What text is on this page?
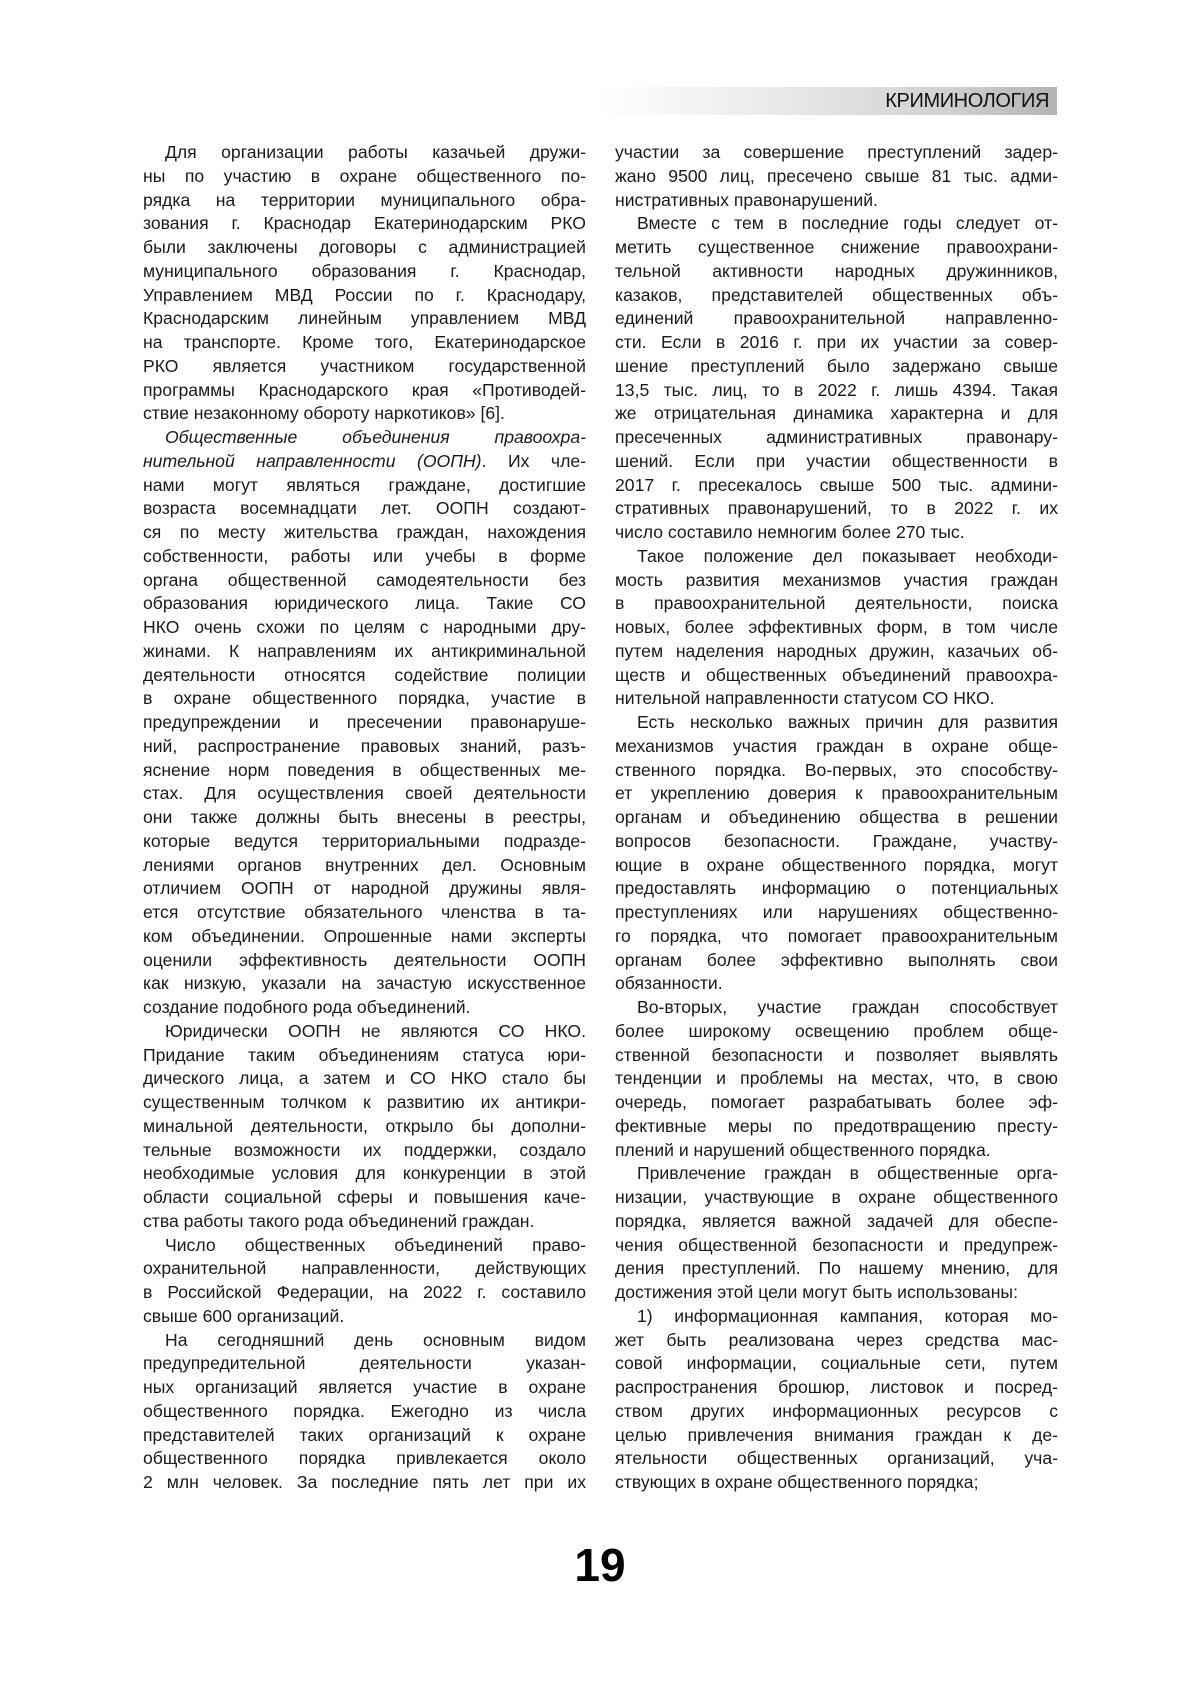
КРИМИНОЛОГИЯ
Для организации работы казачьей дружи-
ны по участию в охране общественного по-
рядка на территории муниципального обра-
зования г. Краснодар Екатеринодарским РКО
были заключены договоры с администрацией
муниципального образования г. Краснодар,
Управлением МВД России по г. Краснодару,
Краснодарским линейным управлением МВД
на транспорте. Кроме того, Екатеринодарское
РКО является участником государственной
программы Краснодарского края «Противодей-
ствие незаконному обороту наркотиков» [6].
Общественные объединения правоохра-
нительной направленности (ООПН). Их чле-
нами могут являться граждане, достигшие
возраста восемнадцати лет. ООПН создают-
ся по месту жительства граждан, нахождения
собственности, работы или учебы в форме
органа общественной самодеятельности без
образования юридического лица. Такие СО
НКО очень схожи по целям с народными дру-
жинами. К направлениям их антикриминальной
деятельности относятся содействие полиции
в охране общественного порядка, участие в
предупреждении и пресечении правонаруше-
ний, распространение правовых знаний, разъ-
яснение норм поведения в общественных ме-
стах. Для осуществления своей деятельности
они также должны быть внесены в реестры,
которые ведутся территориальными подразде-
лениями органов внутренних дел. Основным
отличием ООПН от народной дружины явля-
ется отсутствие обязательного членства в та-
ком объединении. Опрошенные нами эксперты
оценили эффективность деятельности ООПН
как низкую, указали на зачастую искусственное
создание подобного рода объединений.
Юридически ООПН не являются СО НКО.
Придание таким объединениям статуса юри-
дического лица, а затем и СО НКО стало бы
существенным толчком к развитию их антикри-
минальной деятельности, открыло бы дополни-
тельные возможности их поддержки, создало
необходимые условия для конкуренции в этой
области социальной сферы и повышения каче-
ства работы такого рода объединений граждан.
Число общественных объединений право-
охранительной направленности, действующих
в Российской Федерации, на 2022 г. составило
свыше 600 организаций.
На сегодняшний день основным видом
предупредительной деятельности указан-
ных организаций является участие в охране
общественного порядка. Ежегодно из числа
представителей таких организаций к охране
общественного порядка привлекается около
2 млн человек. За последние пять лет при их
участии за совершение преступлений задер-
жано 9500 лиц, пресечено свыше 81 тыс. адми-
нистративных правонарушений.
Вместе с тем в последние годы следует от-
метить существенное снижение правоохрани-
тельной активности народных дружинников,
казаков, представителей общественных объ-
единений правоохранительной направленно-
сти. Если в 2016 г. при их участии за совер-
шение преступлений было задержано свыше
13,5 тыс. лиц, то в 2022 г. лишь 4394. Такая
же отрицательная динамика характерна и для
пресеченных административных правонару-
шений. Если при участии общественности в
2017 г. пресекалось свыше 500 тыс. админи-
стративных правонарушений, то в 2022 г. их
число составило немногим более 270 тыс.
Такое положение дел показывает необходи-
мость развития механизмов участия граждан
в правоохранительной деятельности, поиска
новых, более эффективных форм, в том числе
путем наделения народных дружин, казачьих об-
ществ и общественных объединений правоохра-
нительной направленности статусом СО НКО.
Есть несколько важных причин для развития
механизмов участия граждан в охране обще-
ственного порядка. Во-первых, это способству-
ет укреплению доверия к правоохранительным
органам и объединению общества в решении
вопросов безопасности. Граждане, участву-
ющие в охране общественного порядка, могут
предоставлять информацию о потенциальных
преступлениях или нарушениях общественно-
го порядка, что помогает правоохранительным
органам более эффективно выполнять свои
обязанности.
Во-вторых, участие граждан способствует
более широкому освещению проблем обще-
ственной безопасности и позволяет выявлять
тенденции и проблемы на местах, что, в свою
очередь, помогает разрабатывать более эф-
фективные меры по предотвращению престу-
плений и нарушений общественного порядка.
Привлечение граждан в общественные орга-
низации, участвующие в охране общественного
порядка, является важной задачей для обеспе-
чения общественной безопасности и предупреж-
дения преступлений. По нашему мнению, для
достижения этой цели могут быть использованы:
1) информационная кампания, которая мо-
жет быть реализована через средства мас-
совой информации, социальные сети, путем
распространения брошюр, листовок и посред-
ством других информационных ресурсов с
целью привлечения внимания граждан к де-
ятельности общественных организаций, уча-
ствующих в охране общественного порядка;
19
